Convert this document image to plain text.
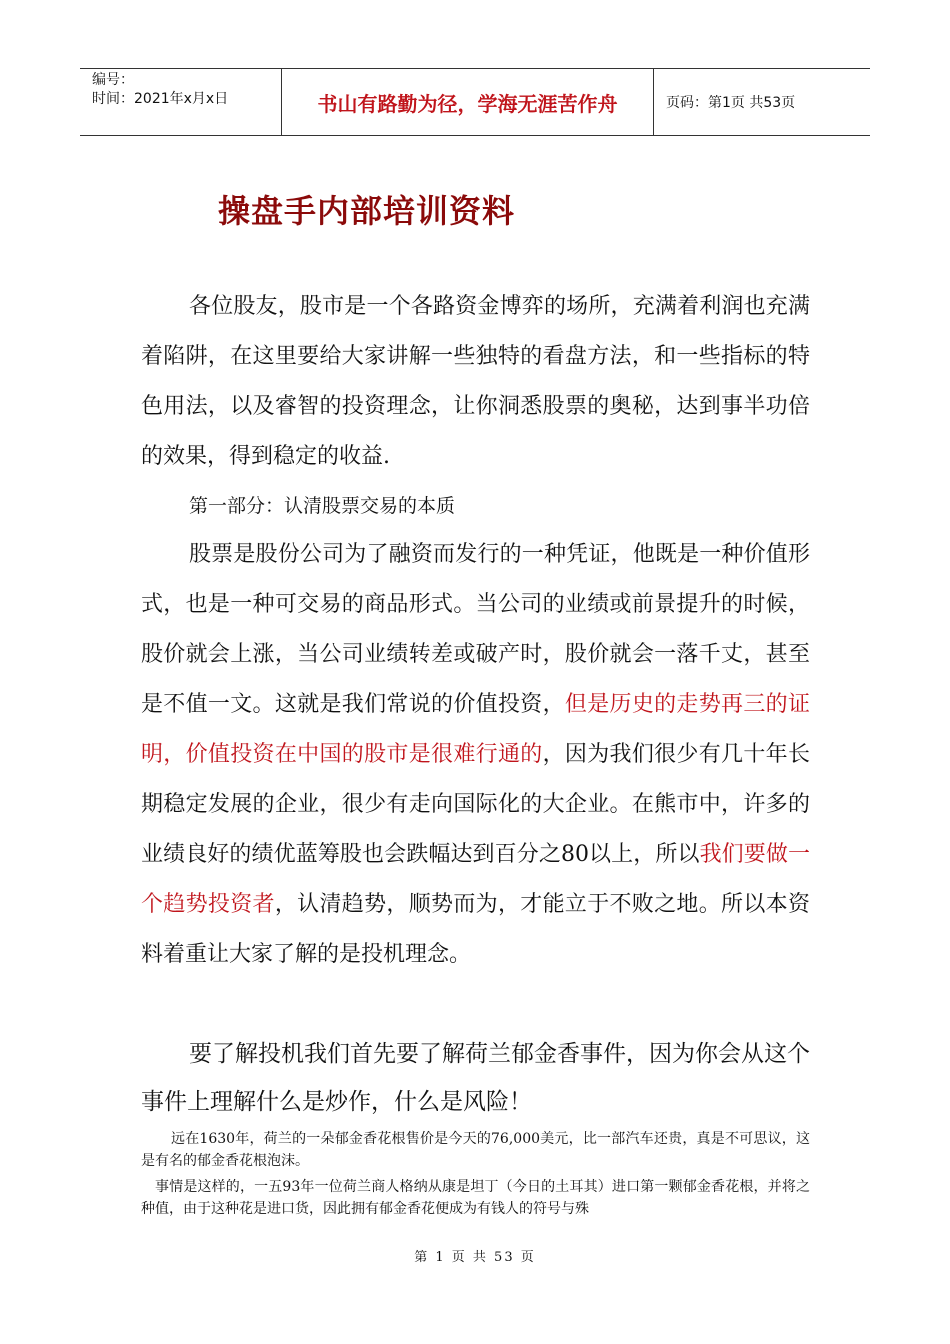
编号：
时间：2021年x月x日	书山有路勤为径，学海无涯苦作舟	页码：第1页 共53页
操盘手内部培训资料

各位股友，股市是一个各路资金博弈的场所，充满着利润也充满着陷阱，在这里要给大家讲解一些独特的看盘方法，和一些指标的特色用法，以及睿智的投资理念，让你洞悉股票的奥秘，达到事半功倍的效果，得到稳定的收益.

第一部分：认清股票交易的本质

股票是股份公司为了融资而发行的一种凭证，他既是一种价值形式，也是一种可交易的商品形式。当公司的业绩或前景提升的时候，股价就会上涨，当公司业绩转差或破产时，股价就会一落千丈，甚至是不值一文。这就是我们常说的价值投资，但是历史的走势再三的证明，价值投资在中国的股市是很难行通的，因为我们很少有几十年长期稳定发展的企业，很少有走向国际化的大企业。在熊市中，许多的业绩良好的绩优蓝筹股也会跌幅达到百分之80以上，所以我们要做一个趋势投资者，认清趋势，顺势而为，才能立于不败之地。所以本资料着重让大家了解的是投机理念。

要了解投机我们首先要了解荷兰郁金香事件，因为你会从这个事件上理解什么是炒作，什么是风险！

远在1630年，荷兰的一朵郁金香花根售价是今天的76,000美元，比一部汽车还贵，真是不可思议，这是有名的郁金香花根泡沫。

事情是这样的，一五93年一位荷兰商人格纳从康是坦丁（今日的土耳其）进口第一颗郁金香花根，并将之种值，由于这种花是进口货，因此拥有郁金香花便成为有钱人的符号与殊

第 1 页 共 53 页
